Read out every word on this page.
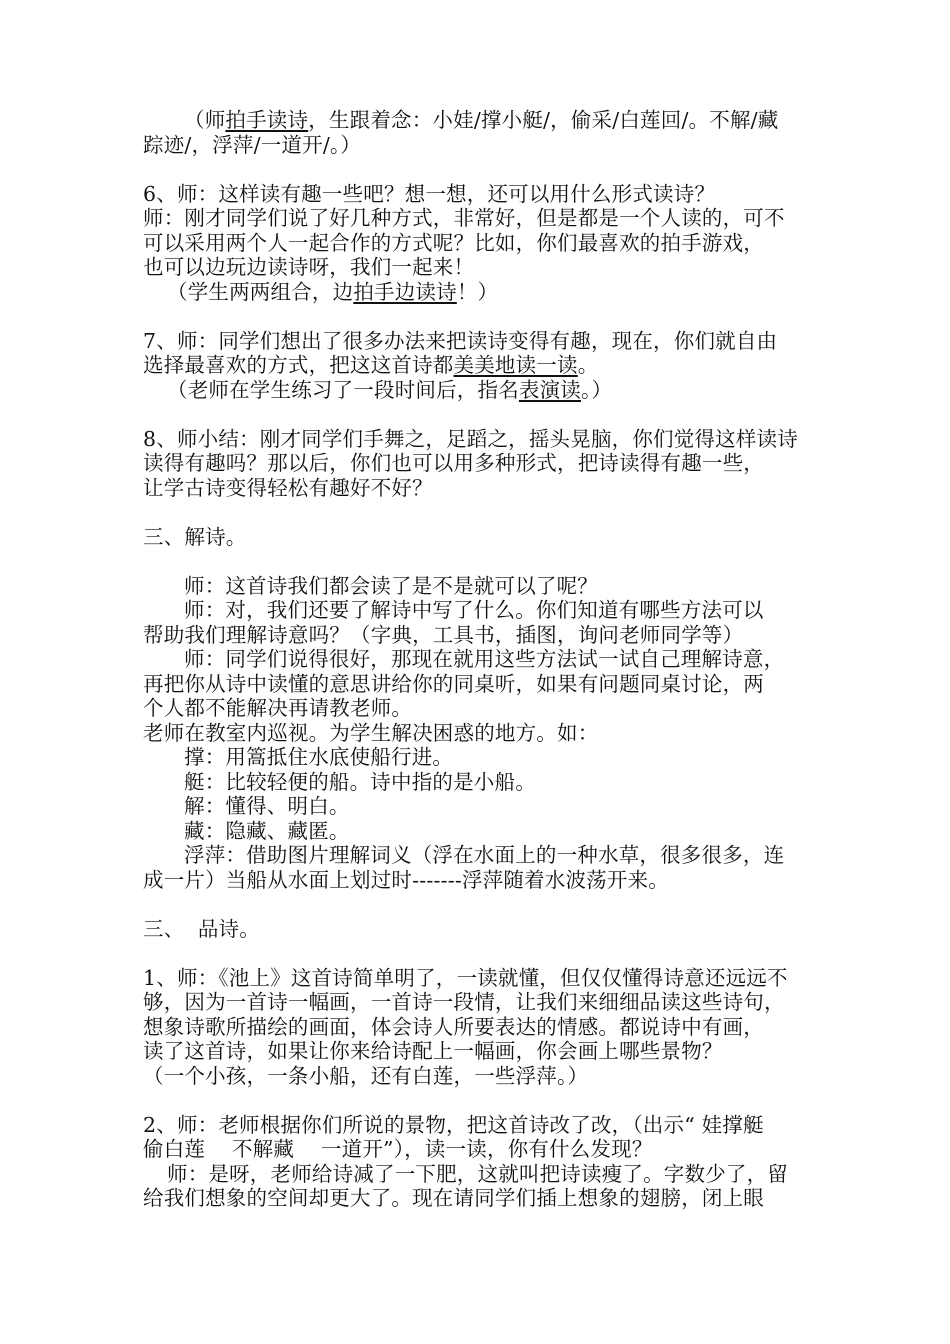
（师拍手读诗，生跟着念：小娃/撑小艇/，偷采/白莲回/。不解/藏
踪迹/，浮萍/一道开/。）
6、师：这样读有趣一些吧？想一想，还可以用什么形式读诗？
师：刚才同学们说了好几种方式，非常好，但是都是一个人读的，可不
可以采用两个人一起合作的方式呢？比如，你们最喜欢的拍手游戏，
也可以边玩边读诗呀，我们一起来！
（学生两两组合，边拍手边读诗！）
7、师：同学们想出了很多办法来把读诗变得有趣，现在，你们就自由
选择最喜欢的方式，把这这首诗都美美地读一读。
（老师在学生练习了一段时间后，指名表演读。）
8、师小结：刚才同学们手舞之，足蹈之，摇头晃脑，你们觉得这样读诗
读得有趣吗？那以后，你们也可以用多种形式，把诗读得有趣一些，
让学古诗变得轻松有趣好不好？
三、解诗。
师：这首诗我们都会读了是不是就可以了呢？
师：对，我们还要了解诗中写了什么。你们知道有哪些方法可以
帮助我们理解诗意吗？（字典，工具书，插图，询问老师同学等）
师：同学们说得很好，那现在就用这些方法试一试自己理解诗意，
再把你从诗中读懂的意思讲给你的同桌听，如果有问题同桌讨论，两
个人都不能解决再请教老师。
老师在教室内巡视。为学生解决困惑的地方。如：
撑：用篙抵住水底使船行进。
艇：比较轻便的船。诗中指的是小船。
解：懂得、明白。
藏：隐藏、藏匿。
浮萍：借助图片理解词义（浮在水面上的一种水草，很多很多，连
成一片）当船从水面上划过时-------浮萍随着水波荡开来。
三、  品诗。
1、师：《池上》这首诗简单明了，一读就懂，但仅仅懂得诗意还远远不
够，因为一首诗一幅画，一首诗一段情，让我们来细细品读这些诗句，
想象诗歌所描绘的画面，体会诗人所要表达的情感。都说诗中有画，
读了这首诗，如果让你来给诗配上一幅画，你会画上哪些景物？
（一个小孩，一条小船，还有白莲，一些浮萍。）
2、师：老师根据你们所说的景物，把这首诗改了改，（出示“ 娃撑艇
偷白莲    不解藏    一道开”），读一读，你有什么发现？
师：是呀，老师给诗减了一下肥，这就叫把诗读瘦了。字数少了，留
给我们想象的空间却更大了。现在请同学们插上想象的翅膀，闭上眼
